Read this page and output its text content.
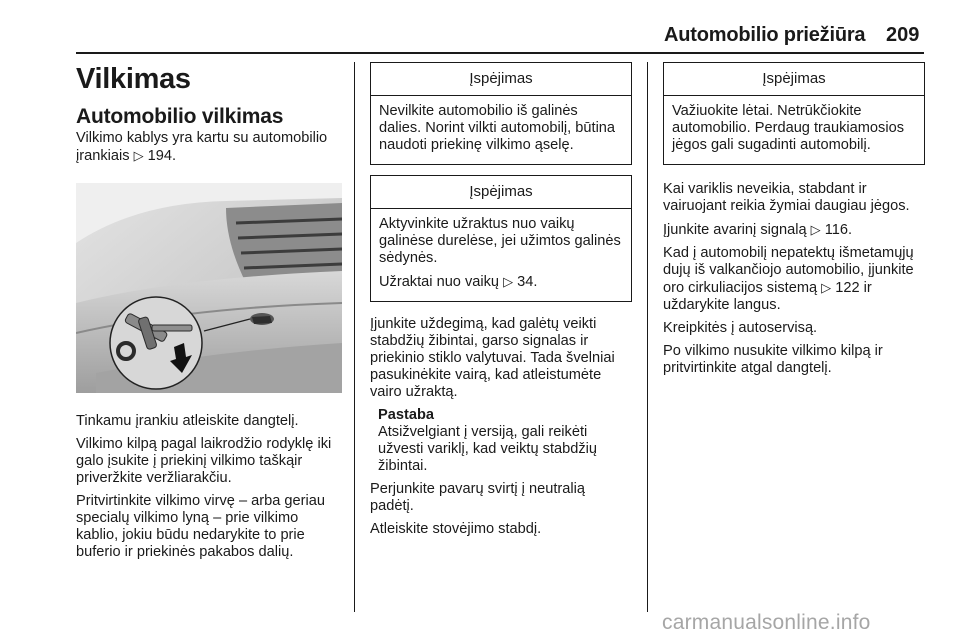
Automobilio priežiūra 209
Vilkimas
Automobilio vilkimas

Vilkimo kablys yra kartu su automobilio įrankiais ▷ 194.

Tinkamu įrankiu atleiskite dangtelį.

Vilkimo kilpą pagal laikrodžio rodyklę iki galo įsukite į priekinį vilkimo taškąir priveržkite veržliarakčiu.

Pritvirtinkite vilkimo virvę – arba geriau specialų vilkimo lyną – prie vilkimo kablio, jokiu būdu nedarykite to prie buferio ir priekinės pakabos dalių.

Įspėjimas

Nevilkite automobilio iš galinės dalies. Norint vilkti automobilį, būtina naudoti priekinę vilkimo ąselę.

Įspėjimas

Aktyvinkite užraktus nuo vaikų galinėse durelėse, jei užimtos galinės sėdynės.

Užraktai nuo vaikų ▷ 34.

Įjunkite uždegimą, kad galėtų veikti stabdžių žibintai, garso signalas ir priekinio stiklo valytuvai. Tada švelniai pasukinėkite vairą, kad atleistumėte vairo užraktą.

Pastaba

Atsižvelgiant į versiją, gali reikėti užvesti variklį, kad veiktų stabdžių žibintai.

Perjunkite pavarų svirtį į neutralią padėtį.

Atleiskite stovėjimo stabdį.

Įspėjimas

Važiuokite lėtai. Netrūkčiokite automobilio. Perdaug traukiamosios jėgos gali sugadinti automobilį.

Kai variklis neveikia, stabdant ir vairuojant reikia žymiai daugiau jėgos.

Įjunkite avarinį signalą ▷ 116.

Kad į automobilį nepatektų išmetamųjų dujų iš valkančiojo automobilio, įjunkite oro cirkuliacijos sistemą ▷ 122 ir uždarykite langus.

Kreipkitės į autoservisą.

Po vilkimo nusukite vilkimo kilpą ir pritvirtinkite atgal dangtelį.

carmanualsonline.info
